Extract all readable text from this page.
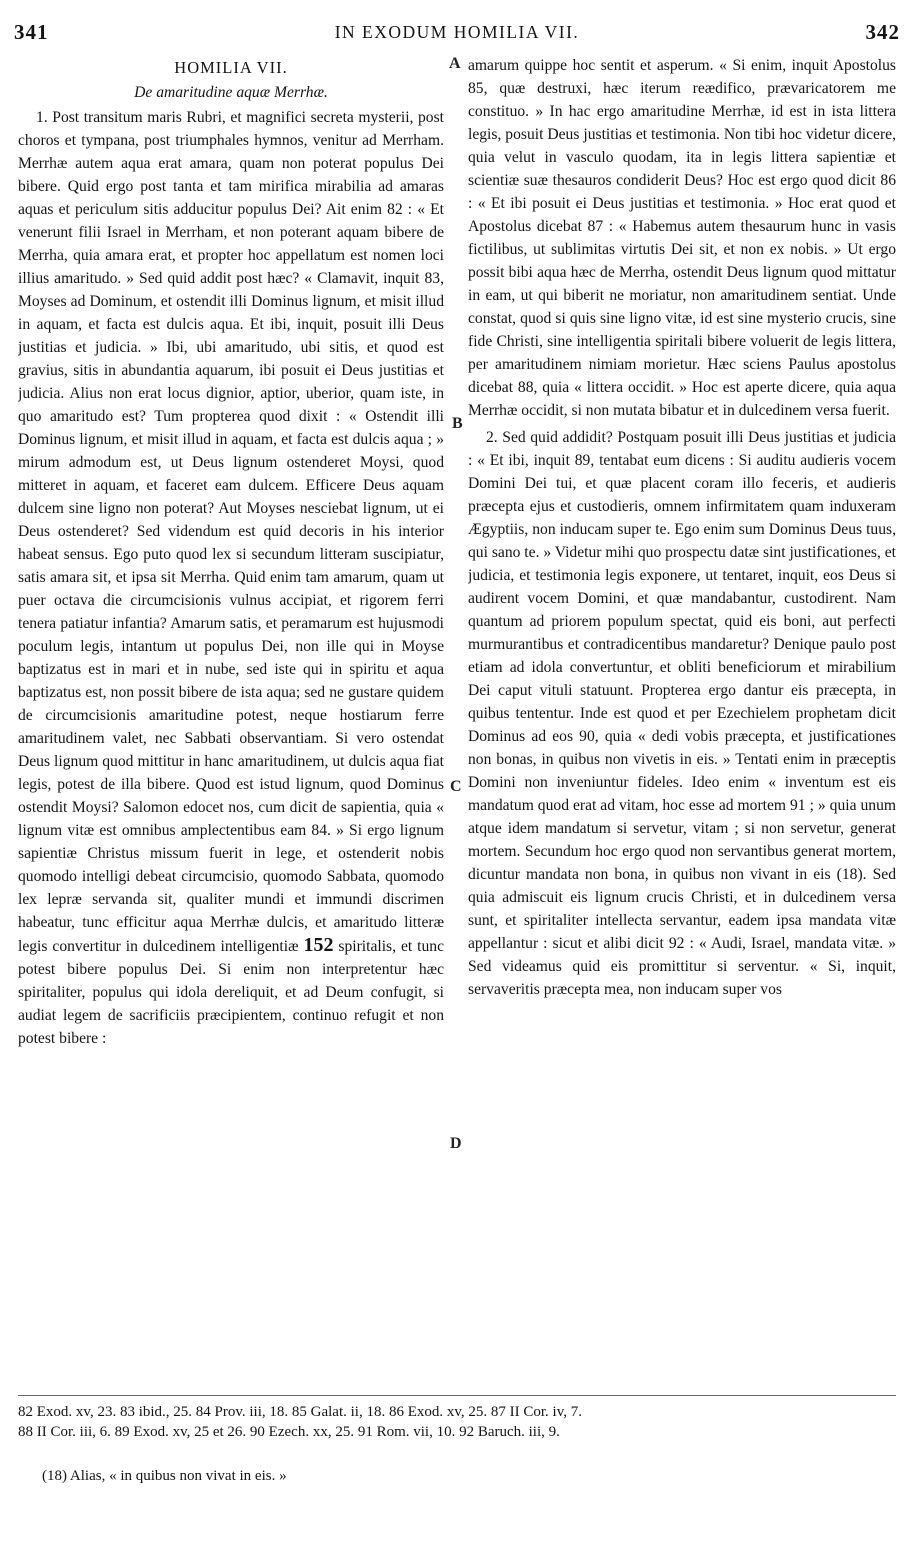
341	IN EXODUM HOMILIA VII.	342
A
B
C
D
HOMILIA VII.
De amaritudine aquæ Merrhæ.

1. Post transitum maris Rubri, et magnifici secreta mysterii, post choros et tympana, post triumphales hymnos, venitur ad Merrham. Merrhæ autem aqua erat amara, quam non poterat populus Dei bibere. Quid ergo post tanta et tam mirifica mirabilia ad amaras aquas et periculum sitis adducitur populus Dei? Ait enim 82 : « Et venerunt filii Israel in Merrham, et non poterant aquam bibere de Merrha, quia amara erat, et propter hoc appellatum est nomen loci illius amaritudo. » Sed quid addit post hæc? « Clamavit, inquit 83, Moyses ad Dominum, et ostendit illi Dominus lignum, et misit illud in aquam, et facta est dulcis aqua. Et ibi, inquit, posuit illi Deus justitias et judicia. » Ibi, ubi amaritudo, ubi sitis, et quod est gravius, sitis in abundantia aquarum, ibi posuit ei Deus justitias et judicia. Alius non erat locus dignior, aptior, uberior, quam iste, in quo amaritudo est? Tum propterea quod dixit : « Ostendit illi Dominus lignum, et misit illud in aquam, et facta est dulcis aqua ; » mirum admodum est, ut Deus lignum ostenderet Moysi, quod mitteret in aquam, et faceret eam dulcem. Efficere Deus aquam dulcem sine ligno non poterat? Aut Moyses nesciebat lignum, ut ei Deus ostenderet? Sed videndum est quid decoris in his interior habeat sensus. Ego puto quod lex si secundum litteram suscipiatur, satis amara sit, et ipsa sit Merrha. Quid enim tam amarum, quam ut puer octava die circumcisionis vulnus accipiat, et rigorem ferri tenera patiatur infantia? Amarum satis, et peramarum est hujusmodi poculum legis, intantum ut populus Dei, non ille qui in Moyse baptizatus est in mari et in nube, sed iste qui in spiritu et aqua baptizatus est, non possit bibere de ista aqua; sed ne gustare quidem de circumcisionis amaritudine potest, neque hostiarum ferre amaritudinem valet, nec Sabbati observantiam. Si vero ostendat Deus lignum quod mittitur in hanc amaritudinem, ut dulcis aqua fiat legis, potest de illa bibere. Quod est istud lignum, quod Dominus ostendit Moysi? Salomon edocet nos, cum dicit de sapientia, quia « lignum vitæ est omnibus amplectentibus eam 84. » Si ergo lignum sapientiæ Christus missum fuerit in lege, et ostenderit nobis quomodo intelligi debeat circumcisio, quomodo Sabbata, quomodo lex lepræ servanda sit, qualiter mundi et immundi discrimen habeatur, tunc efficitur aqua Merrhæ dulcis, et amaritudo litteræ legis convertitur in dulcedinem intelligentiæ 152 spiritalis, et tunc potest bibere populus Dei. Si enim non interpretentur hæc spiritaliter, populus qui idola dereliquit, et ad Deum confugit, si audiat legem de sacrificiis præcipientem, continuo refugit et non potest bibere :

amarum quippe hoc sentit et asperum. « Si enim, inquit Apostolus 85, quæ destruxi, hæc iterum reædifico, prævaricatorem me constituo. » In hac ergo amaritudine Merrhæ, id est in ista littera legis, posuit Deus justitias et testimonia. Non tibi hoc videtur dicere, quia velut in vasculo quodam, ita in legis littera sapientiæ et scientiæ suæ thesauros condiderit Deus? Hoc est ergo quod dicit 86 : « Et ibi posuit ei Deus justitias et testimonia. » Hoc erat quod et Apostolus dicebat 87 : « Habemus autem thesaurum hunc in vasis fictilibus, ut sublimitas virtutis Dei sit, et non ex nobis. » Ut ergo possit bibi aqua hæc de Merrha, ostendit Deus lignum quod mittatur in eam, ut qui biberit ne moriatur, non amaritudinem sentiat. Unde constat, quod si quis sine ligno vitæ, id est sine mysterio crucis, sine fide Christi, sine intelligentia spiritali bibere voluerit de legis littera, per amaritudinem nimiam morietur. Hæc sciens Paulus apostolus dicebat 88, quia « littera occidit. » Hoc est aperte dicere, quia aqua Merrhæ occidit, si non mutata bibatur et in dulcedinem versa fuerit.

2. Sed quid addidit? Postquam posuit illi Deus justitias et judicia : « Et ibi, inquit 89, tentabat eum dicens : Si auditu audieris vocem Domini Dei tui, et quæ placent coram illo feceris, et audieris præcepta ejus et custodieris, omnem infirmitatem quam induxeram Ægyptiis, non inducam super te. Ego enim sum Dominus Deus tuus, qui sano te. » Videtur mihi quo prospectu datæ sint justificationes, et judicia, et testimonia legis exponere, ut tentaret, inquit, eos Deus si audirent vocem Domini, et quæ mandabantur, custodirent. Nam quantum ad priorem populum spectat, quid eis boni, aut perfecti murmurantibus et contradicentibus mandaretur? Denique paulo post etiam ad idola convertuntur, et obliti beneficiorum et mirabilium Dei caput vituli statuunt. Propterea ergo dantur eis præcepta, in quibus tententur. Inde est quod et per Ezechielem prophetam dicit Dominus ad eos 90, quia « dedi vobis præcepta, et justificationes non bonas, in quibus non vivetis in eis. » Tentati enim in præceptis Domini non inveniuntur fideles. Ideo enim « inventum est eis mandatum quod erat ad vitam, hoc esse ad mortem 91 ; » quia unum atque idem mandatum si servetur, vitam ; si non servetur, generat mortem. Secundum hoc ergo quod non servantibus generat mortem, dicuntur mandata non bona, in quibus non vivant in eis (18). Sed quia admiscuit eis lignum crucis Christi, et in dulcedinem versa sunt, et spiritaliter intellecta servantur, eadem ipsa mandata vitæ appellantur : sicut et alibi dicit 92 : « Audi, Israel, mandata vitæ. » Sed videamus quid eis promittitur si serventur. « Si, inquit, servaveritis præcepta mea, non inducam super vos

82 Exod. xv, 23. 83 ibid., 25. 84 Prov. iii, 18. 85 Galat. ii, 18. 86 Exod. xv, 25. 87 II Cor. iv, 7.
88 II Cor. iii, 6. 89 Exod. xv, 25 et 26. 90 Ezech. xx, 25. 91 Rom. vii, 10. 92 Baruch. iii, 9.
(18) Alias, « in quibus non vivat in eis. »
